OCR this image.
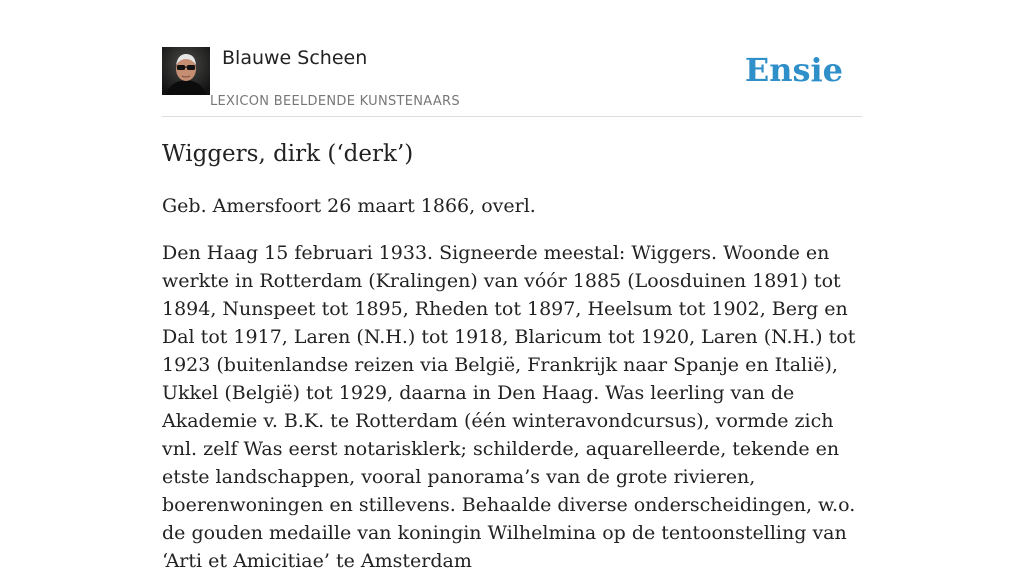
Blauwe Scheen
LEXICON BEELDENDE KUNSTENAARS
Ensie
Wiggers, dirk (‘derk’)

Geb. Amersfoort 26 maart 1866, overl.

Den Haag 15 februari 1933. Signeerde meestal: Wiggers. Woonde en werkte in Rotterdam (Kralingen) van vóór 1885 (Loosduinen 1891) tot 1894, Nunspeet tot 1895, Rheden tot 1897, Heelsum tot 1902, Berg en Dal tot 1917, Laren (N.H.) tot 1918, Blaricum tot 1920, Laren (N.H.) tot 1923 (buitenlandse reizen via België, Frankrijk naar Spanje en Italië), Ukkel (België) tot 1929, daarna in Den Haag. Was leerling van de Akademie v. B.K. te Rotterdam (één winteravondcursus), vormde zich vnl. zelf Was eerst notarisklerk; schilderde, aquarelleerde, tekende en etste landschappen, vooral panorama’s van de grote rivieren, boerenwoningen en stillevens. Behaalde diverse onderscheidingen, w.o. de gouden medaille van koningin Wilhelmina op de tentoonstelling van ‘Arti et Amicitiae’ te Amsterdam
